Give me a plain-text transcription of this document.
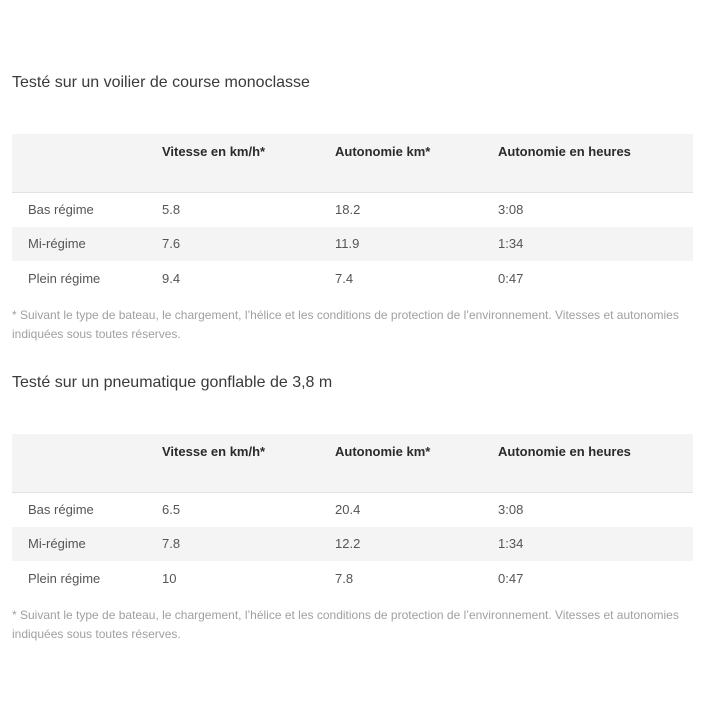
Testé sur un voilier de course monoclasse
	Vitesse en km/h*	Autonomie km*	Autonomie en heures
Bas régime	5.8	18.2	3:08
Mi-régime	7.6	11.9	1:34
Plein régime	9.4	7.4	0:47

* Suivant le type de bateau, le chargement, l’hélice et les conditions de protection de l’environnement. Vitesses et autonomies indiquées sous toutes réserves.

Testé sur un pneumatique gonflable de 3,8 m
	Vitesse en km/h*	Autonomie km*	Autonomie en heures
Bas régime	6.5	20.4	3:08
Mi-régime	7.8	12.2	1:34
Plein régime	10	7.8	0:47

* Suivant le type de bateau, le chargement, l’hélice et les conditions de protection de l’environnement. Vitesses et autonomies indiquées sous toutes réserves.
